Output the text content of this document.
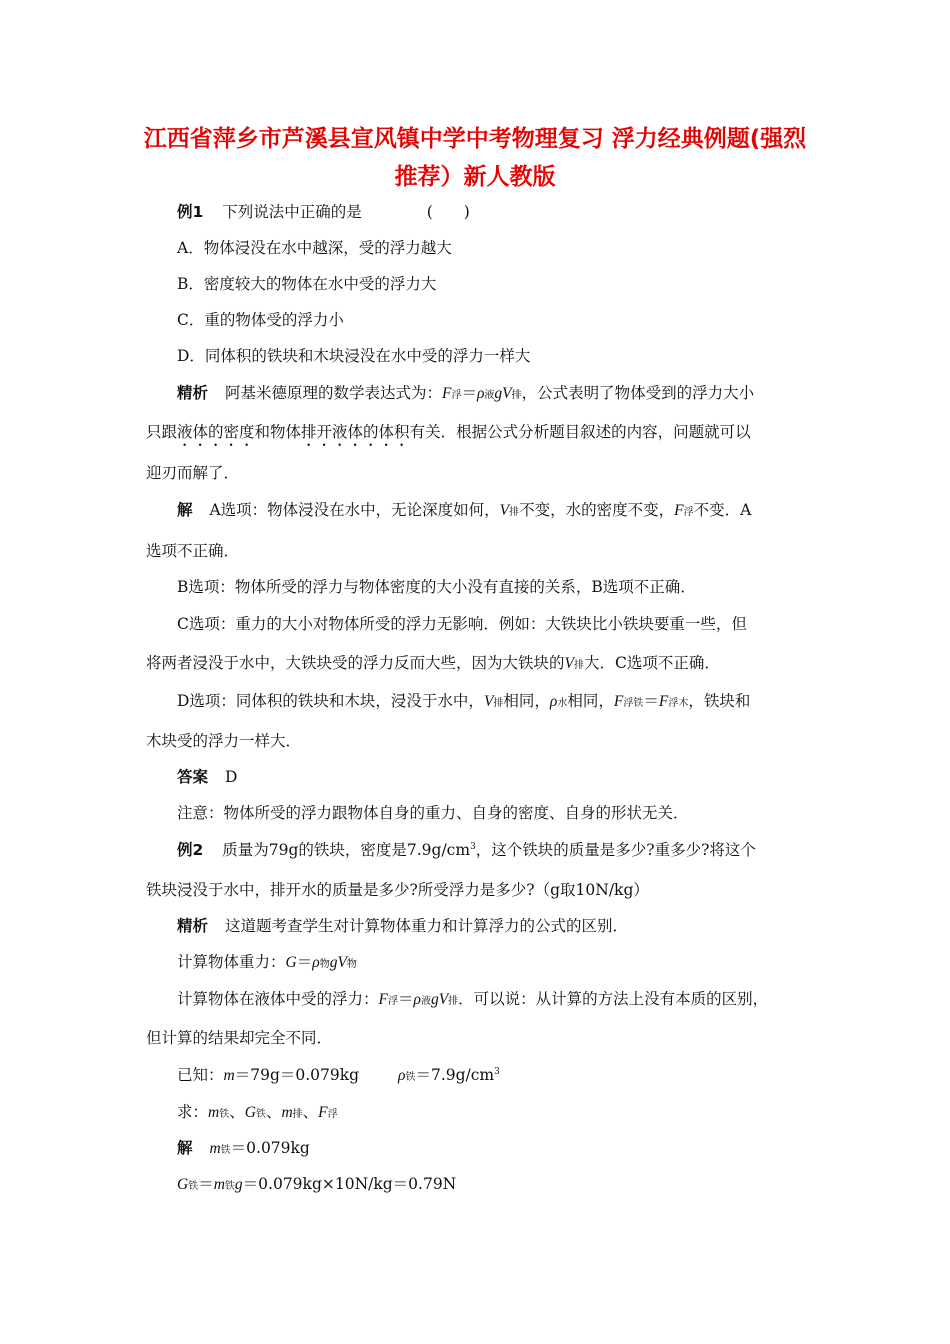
江西省萍乡市芦溪县宣风镇中学中考物理复习 浮力经典例题(强烈
推荐）新人教版
例1 下列说法中正确的是	(　　)
A．物体浸没在水中越深，受的浮力越大
B．密度较大的物体在水中受的浮力大
C．重的物体受的浮力小
D．同体积的铁块和木块浸没在水中受的浮力一样大
精析 阿基米德原理的数学表达式为：F浮＝ρ液gV排，公式表明了物体受到的浮力大小
只跟液体的密度和物体排开液体的体积有关．根据公式分析题目叙述的内容，问题就可以
迎刃而解了．
解 A选项：物体浸没在水中，无论深度如何，V排不变，水的密度不变，F浮不变．A
选项不正确．
B选项：物体所受的浮力与物体密度的大小没有直接的关系，B选项不正确．
C选项：重力的大小对物体所受的浮力无影响．例如：大铁块比小铁块要重一些，但
将两者浸没于水中，大铁块受的浮力反而大些，因为大铁块的V排大．C选项不正确．
D选项：同体积的铁块和木块，浸没于水中，V排相同，ρ水相同，F浮铁＝F浮木，铁块和
木块受的浮力一样大．
答案 D
注意：物体所受的浮力跟物体自身的重力、自身的密度、自身的形状无关．
例2 质量为79g的铁块，密度是$7.9g/cm^3$，这个铁块的质量是多少?重多少?将这个
铁块浸没于水中，排开水的质量是多少?所受浮力是多少?（g取10N/kg）
精析 这道题考查学生对计算物体重力和计算浮力的公式的区别．
计算物体重力：G＝ρ物gV物
计算物体在液体中受的浮力：F浮＝ρ液gV排．可以说：从计算的方法上没有本质的区别，
但计算的结果却完全不同．
已知：m＝79g＝0.079kg	ρ铁$=7.9g/cm^3$
求：m铁、G铁、m排、F浮
解 m铁＝0.079kg
G铁＝m铁g＝0.079kg×10N/kg＝0.79N
